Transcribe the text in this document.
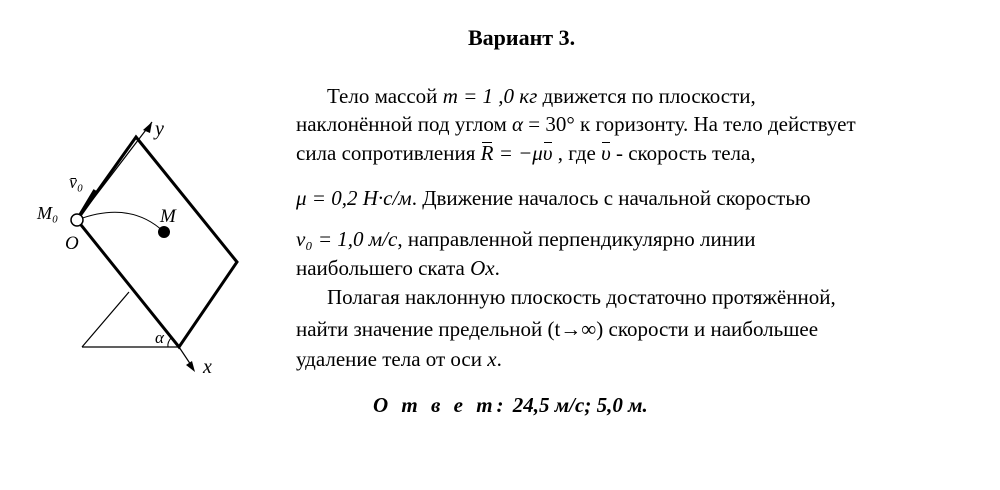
Вариант 3.
y
x
α
v̄₀
M₀
O
M
Тело массой m = 1 ,0 кг движется по плоскости,
наклонённой под углом α = 30° к горизонту. На тело действует
сила сопротивления R = −μυ , где υ - скорость тела,
μ = 0,2 Н·с/м. Движение началось с начальной скоростью
v₀ = 1,0 м/с, направленной перпендикулярно линии
наибольшего ската Ox.
Полагая наклонную плоскость достаточно протяжённой,
найти значение предельной (t→∞) скорости и наибольшее
удаление тела от оси x.
О т в е т: 24,5 м/с; 5,0 м.
